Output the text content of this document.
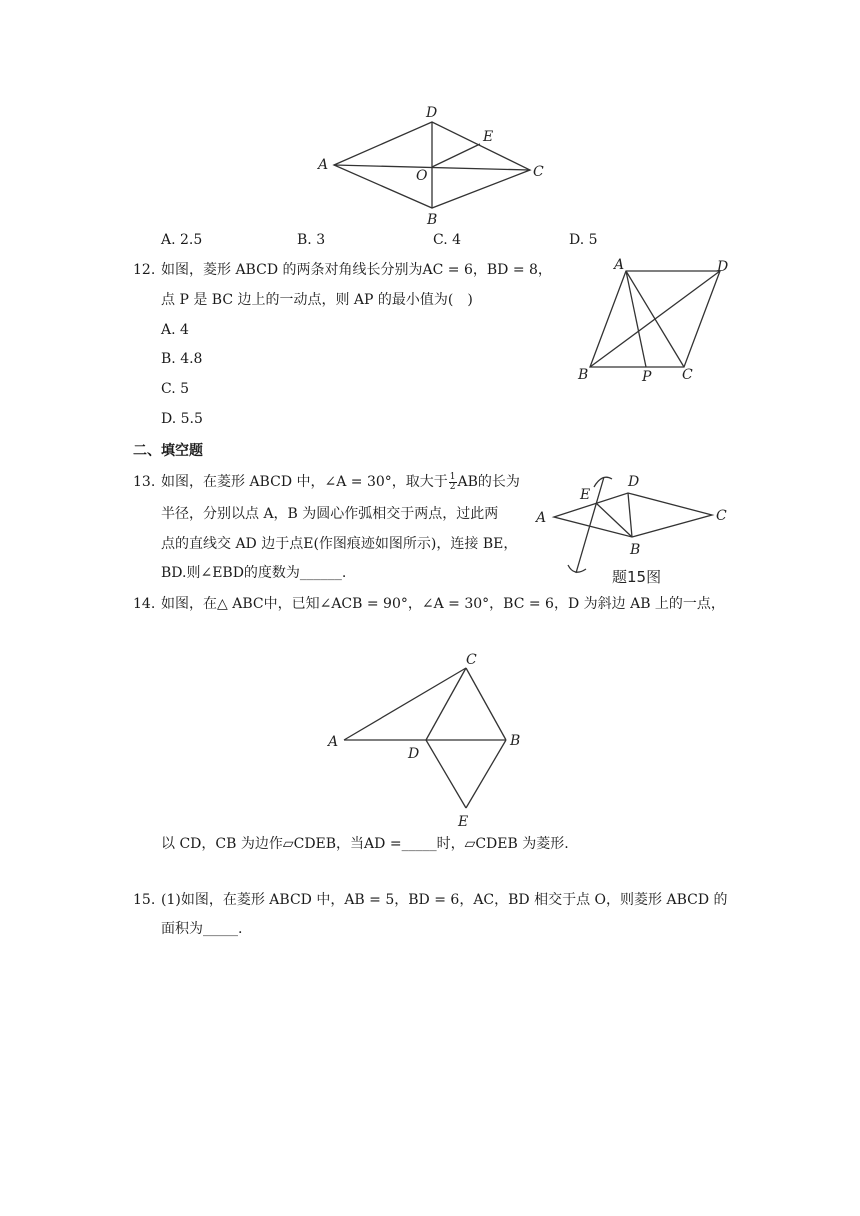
A
D
E
C
O
B
A. 2.5	B. 3	C. 4	D. 5
12. 如图，菱形 ABCD 的两条对角线长分别为AC = 6，BD = 8，
点 P 是 BC 边上的一动点，则 AP 的最小值为(　)
A. 4
B. 4.8
C. 5
D. 5.5
A	D
B	P C
二、填空题
13. 如图，在菱形 ABCD 中，∠A = 30°，取大于 $\frac{1}{2}$ AB的长为
半径，分别以点 A，B 为圆心作弧相交于两点，过此两
点的直线交 AD 边于点E(作图痕迹如图所示)，连接 BE，
BD.则∠EBD的度数为______.
A
E
D
C
B
题15图
14. 如图，在△ ABC中，已知∠ACB = 90°，∠A = 30°，BC = 6，D 为斜边 AB 上的一点，
C
A
D
B
E
以 CD，CB 为边作▱CDEB，当AD =_____时，▱CDEB 为菱形.
15. (1)如图，在菱形 ABCD 中，AB = 5，BD = 6，AC，BD 相交于点 O，则菱形 ABCD 的
面积为_____.
